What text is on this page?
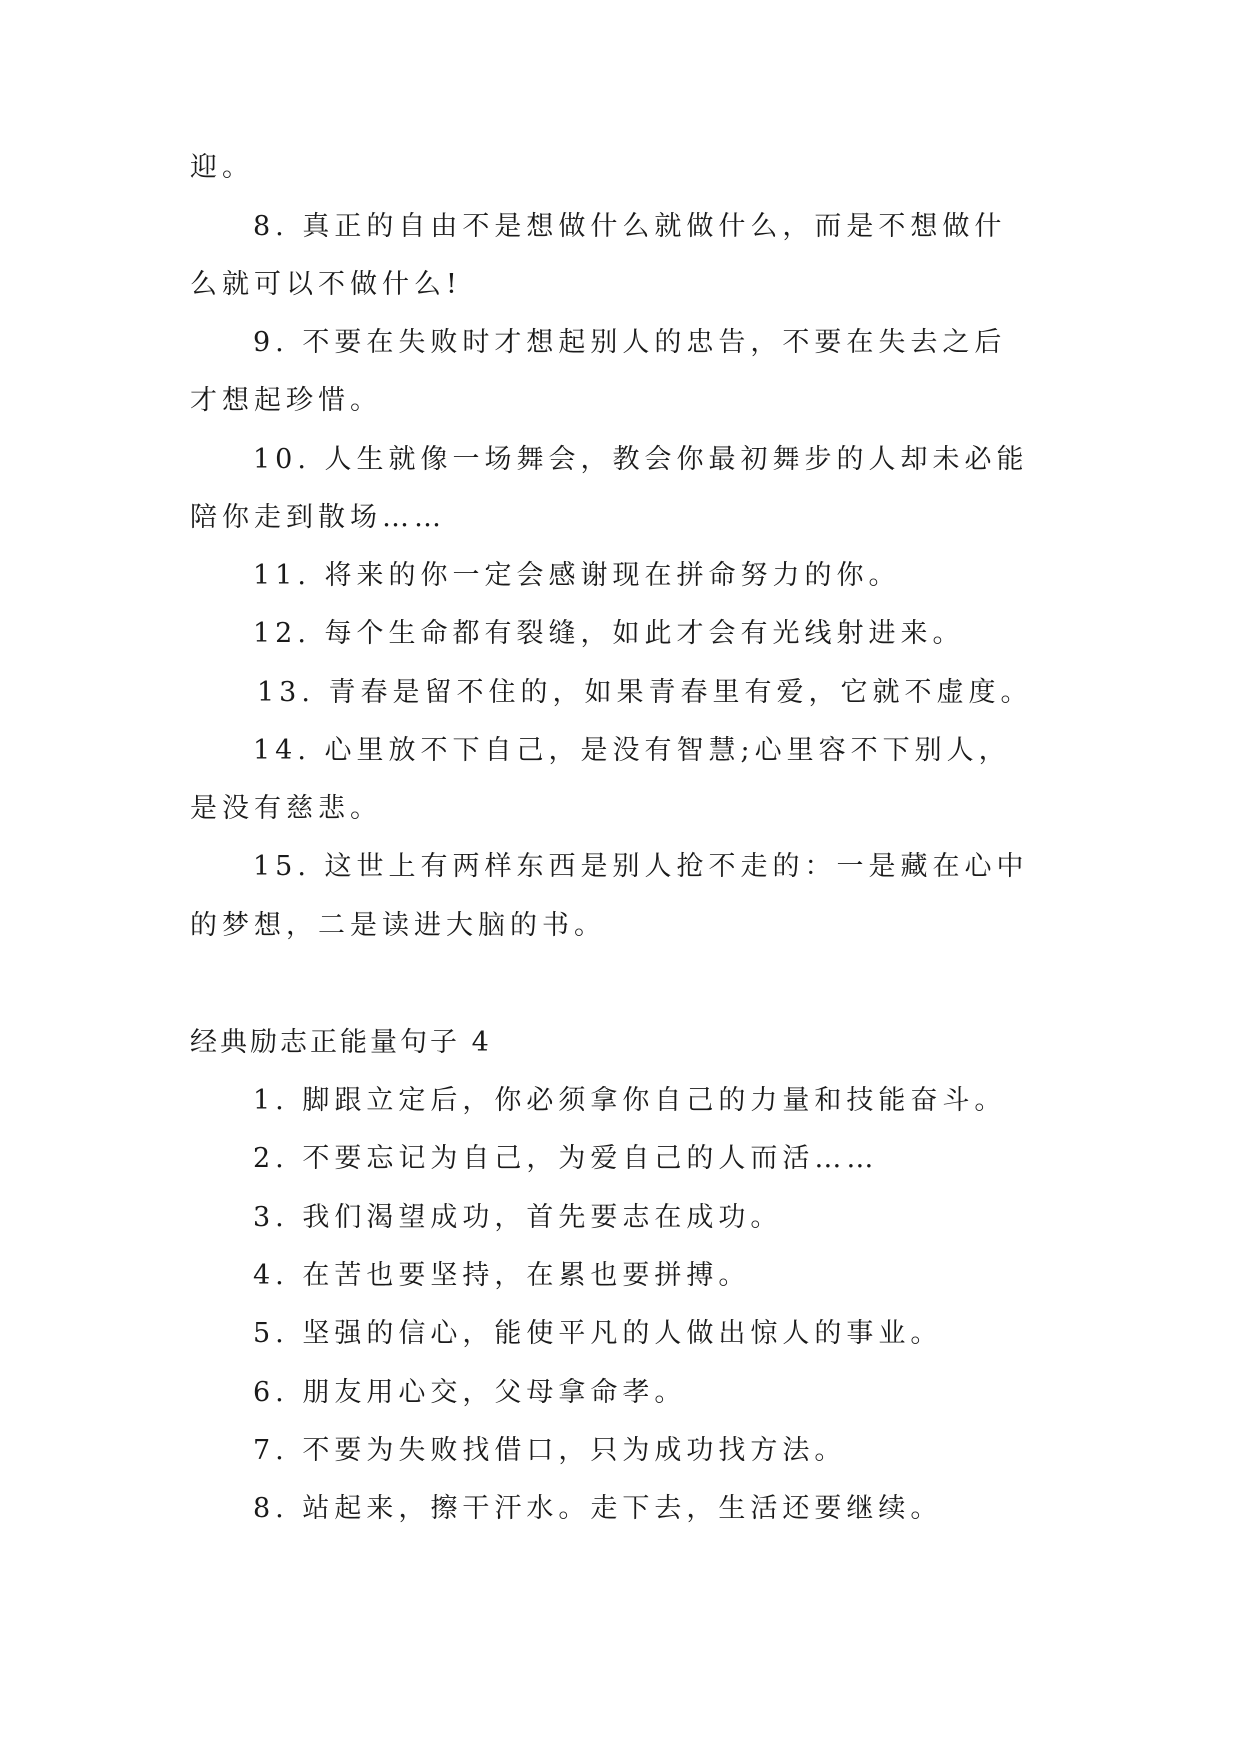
迎。
8. 真正的自由不是想做什么就做什么，而是不想做什
么就可以不做什么!
9. 不要在失败时才想起别人的忠告，不要在失去之后
才想起珍惜。
10. 人生就像一场舞会，教会你最初舞步的人却未必能
陪你走到散场……
11. 将来的你一定会感谢现在拼命努力的你。
12. 每个生命都有裂缝，如此才会有光线射进来。
13. 青春是留不住的，如果青春里有爱，它就不虚度。
14. 心里放不下自己，是没有智慧;心里容不下别人，
是没有慈悲。
15. 这世上有两样东西是别人抢不走的：一是藏在心中
的梦想，二是读进大脑的书。
经典励志正能量句子 4
1. 脚跟立定后，你必须拿你自己的力量和技能奋斗。
2. 不要忘记为自己，为爱自己的人而活……
3. 我们渴望成功，首先要志在成功。
4. 在苦也要坚持，在累也要拼搏。
5. 坚强的信心，能使平凡的人做出惊人的事业。
6. 朋友用心交，父母拿命孝。
7. 不要为失败找借口，只为成功找方法。
8. 站起来，擦干汗水。走下去，生活还要继续。
